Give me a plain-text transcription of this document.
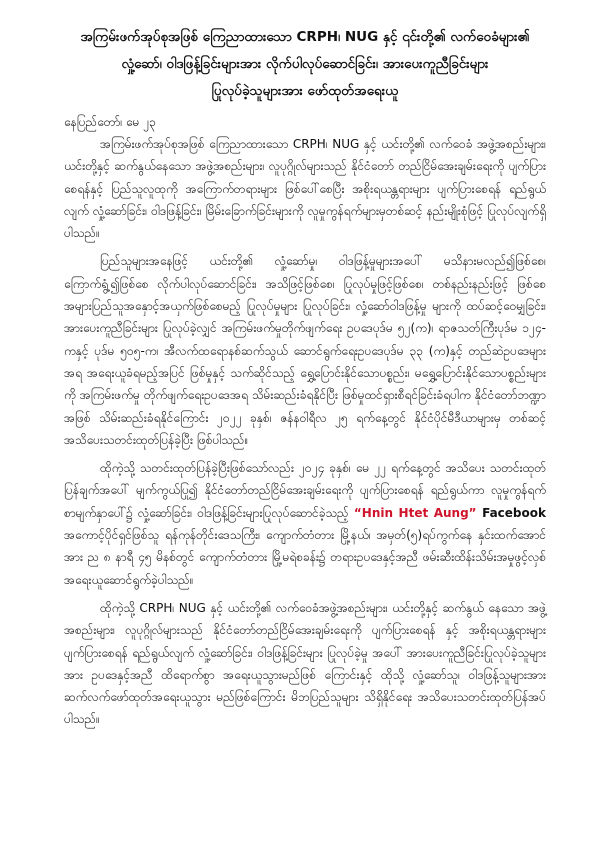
အကြမ်းဖက်အုပ်စုအဖြစ် ကြေညာထားသော CRPH၊ NUG နှင့် ၎င်းတို့၏ လက်ဝေခံများ၏
လှုံ့ဆော်၊ ဝါဒဖြန့်ခြင်းများအား လိုက်ပါလုပ်ဆောင်ခြင်း၊ အားပေးကူညီခြင်းများ
ပြုလုပ်ခဲ့သူများအား ဖော်ထုတ်အရေးယူ

နေပြည်တော်၊ မေ ၂၃

အကြမ်းဖက်အုပ်စုအဖြစ် ကြေညာထားသော CRPH၊ NUG နှင့် ယင်းတို့၏ လက်ဝေခံ အဖွဲ့အစည်းများ၊ ယင်းတို့နှင့် ဆက်နွယ်နေသော အဖွဲ့အစည်းများ၊ လူပုဂ္ဂိုလ်များသည် နိုင်ငံတော် တည်ငြိမ်အေးချမ်းရေးကို ပျက်ပြားစေရန်နှင့် ပြည်သူလူထုကို အကြောက်တရားများ ဖြစ်ပေါ်စေပြီး အစိုးရယန္တရားများ ပျက်ပြားစေရန် ရည်ရွယ်လျက် လှုံ့ဆော်ခြင်း၊ ဝါဒဖြန့်ခြင်း၊ မြိမ်းခြောက်ခြင်းများကို လူမှုကွန်ရက်များမှတစ်ဆင့် နည်းမျိုးစုံဖြင့် ပြုလုပ်လျက်ရှိပါသည်။

ပြည်သူများအနေဖြင့် ယင်းတို့၏ လှုံ့ဆော်မှု၊ ဝါဒဖြန့်မှုများအပေါ် မသိနားမလည်၍ဖြစ်စေ၊ ကြောက်ရွံ့၍ဖြစ်စေ လိုက်ပါလုပ်ဆောင်ခြင်း၊ အသိဖြင့်ဖြစ်စေ၊ ပြုလုပ်မှုဖြင့်ဖြစ်စေ၊ တစ်နည်းနည်းဖြင့် ဖြစ်စေ အများပြည်သူအနှောင့်အယှက်ဖြစ်စေမည့် ပြုလုပ်မှုများ ပြုလုပ်ခြင်း၊ လှုံ့ဆော်ဝါဒဖြန့်မှု များကို ထပ်ဆင့်ဝေမျှခြင်း၊ အားပေးကူညီခြင်းများ ပြုလုပ်ခဲ့လျှင် အကြမ်းဖက်မှုတိုက်ဖျက်ရေး ဥပဒေပုဒ်မ ၅၂(က)၊ ရာဇသတ်ကြီးပုဒ်မ ၁၂၄-ကနှင့် ပုဒ်မ ၅၀၅-က၊ အီလက်ထရောနစ်ဆက်သွယ် ဆောင်ရွက်ရေးဥပဒေပုဒ်မ ၃၃ (က)နှင့် တည်ဆဲဥပဒေများအရ အရေးယူခံရမည့်အပြင် ဖြစ်မှုနှင့် သက်ဆိုင်သည့် ရွှေ့ပြောင်းနိုင်သောပစ္စည်း၊ မရွှေ့ပြောင်းနိုင်သောပစ္စည်းများကို အကြမ်းဖက်မှု တိုက်ဖျက်ရေးဥပဒေအရ သိမ်းဆည်းခံရနိုင်ပြီး ဖြစ်မှုထင်ရှားစီရင်ခြင်းခံရပါက နိုင်ငံတော်ဘဏ္ဍာ အဖြစ် သိမ်းဆည်းခံရနိုင်ကြောင်း ၂၀၂၂ ခုနှစ်၊ ဇန်နဝါရီလ ၂၅ ရက်နေ့တွင် နိုင်ငံပိုင်မီဒီယာများမှ တစ်ဆင့် အသိပေးသတင်းထုတ်ပြန်ခဲ့ပြီး ဖြစ်ပါသည်။

ထိုကဲ့သို့ သတင်းထုတ်ပြန်ခဲ့ပြီးဖြစ်သော်လည်း ၂၀၂၄ ခုနှစ်၊ မေ ၂၂ ရက်နေ့တွင် အသိပေး သတင်းထုတ်ပြန်ချက်အပေါ် မျက်ကွယ်ပြု၍ နိုင်ငံတော်တည်ငြိမ်အေးချမ်းရေးကို ပျက်ပြားစေရန် ရည်ရွယ်ကာ လူမှုကွန်ရက်စာမျက်နှာပေါ်၌ လှုံ့ဆော်ခြင်း၊ ဝါဒဖြန့်ခြင်းများပြုလုပ်ဆောင်ခဲ့သည့် “Hnin Htet Aung” Facebook အကောင့်ပိုင်ရှင်ဖြစ်သူ ရန်ကုန်တိုင်းဒေသကြီး၊ ကျောက်တံတား မြို့နယ်၊ အမှတ်(၅)ရပ်ကွက်နေ နှင်းထက်အောင်အား ည ၈ နာရီ ၄၅ မိနစ်တွင် ကျောက်တံတား မြို့မရဲစခန်း၌ တရားဥပဒေနှင့်အညီ ဖမ်းဆီးထိန်းသိမ်းအမှုဖွင့်လှစ်အရေးယူဆောင်ရွက်ခဲ့ပါသည်။

ထိုကဲ့သို့ CRPH၊ NUG နှင့် ယင်းတို့၏ လက်ဝေခံအဖွဲ့အစည်းများ၊ ယင်းတို့နှင့် ဆက်နွယ် နေသော အဖွဲ့အစည်းများ၊ လူပုဂ္ဂိုလ်များသည် နိုင်ငံတော်တည်ငြိမ်အေးချမ်းရေးကို ပျက်ပြားစေရန် နှင့် အစိုးရယန္တရားများ ပျက်ပြားစေရန် ရည်ရွယ်လျက် လှုံ့ဆော်ခြင်း၊ ဝါဒဖြန့်ခြင်းများ ပြုလုပ်ခဲ့မှု အပေါ် အားပေးကူညီခြင်းပြုလုပ်ခဲ့သူများအား ဥပဒေနှင့်အညီ ထိရောက်စွာ အရေးယူသွားမည်ဖြစ် ကြောင်းနှင့် ထိုသို့ လှုံ့ဆော်သူ၊ ဝါဒဖြန့်သူများအား ဆက်လက်ဖော်ထုတ်အရေးယူသွား မည်ဖြစ်ကြောင်း မိဘပြည်သူများ သိရှိနိုင်ရေး အသိပေးသတင်းထုတ်ပြန်အပ်ပါသည်။
